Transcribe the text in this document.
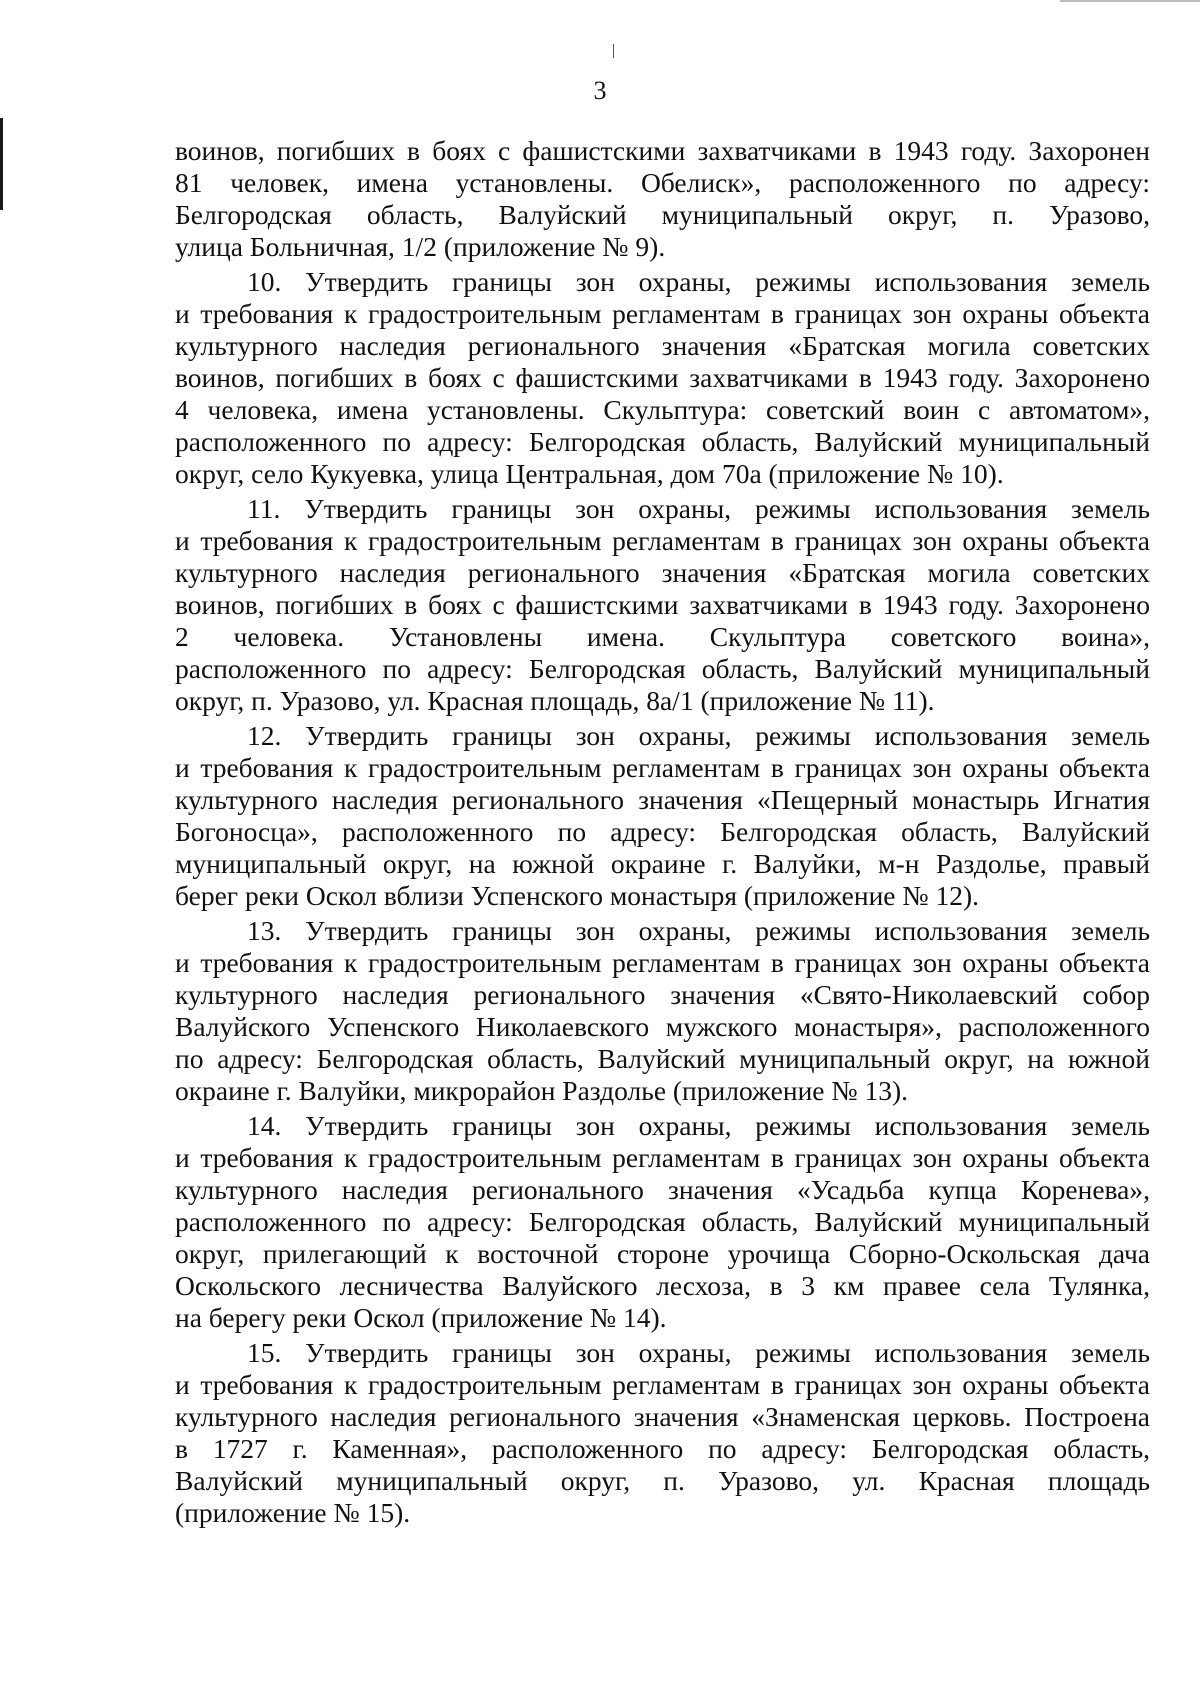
3
воинов, погибших в боях с фашистскими захватчиками в 1943 году. Захоронен
81 человек, имена установлены. Обелиск», расположенного по адресу:
Белгородская область, Валуйский муниципальный округ, п. Уразово,
улица Больничная, 1/2 (приложение № 9).
10. Утвердить границы зон охраны, режимы использования земель
и требования к градостроительным регламентам в границах зон охраны объекта
культурного наследия регионального значения «Братская могила советских
воинов, погибших в боях с фашистскими захватчиками в 1943 году. Захоронено
4 человека, имена установлены. Скульптура: советский воин с автоматом»,
расположенного по адресу: Белгородская область, Валуйский муниципальный
округ, село Кукуевка, улица Центральная, дом 70а (приложение № 10).
11. Утвердить границы зон охраны, режимы использования земель
и требования к градостроительным регламентам в границах зон охраны объекта
культурного наследия регионального значения «Братская могила советских
воинов, погибших в боях с фашистскими захватчиками в 1943 году. Захоронено
2 человека. Установлены имена. Скульптура советского воина»,
расположенного по адресу: Белгородская область, Валуйский муниципальный
округ, п. Уразово, ул. Красная площадь, 8а/1 (приложение № 11).
12. Утвердить границы зон охраны, режимы использования земель
и требования к градостроительным регламентам в границах зон охраны объекта
культурного наследия регионального значения «Пещерный монастырь Игнатия
Богоносца», расположенного по адресу: Белгородская область, Валуйский
муниципальный округ, на южной окраине г. Валуйки, м-н Раздолье, правый
берег реки Оскол вблизи Успенского монастыря (приложение № 12).
13. Утвердить границы зон охраны, режимы использования земель
и требования к градостроительным регламентам в границах зон охраны объекта
культурного наследия регионального значения «Свято-Николаевский собор
Валуйского Успенского Николаевского мужского монастыря», расположенного
по адресу: Белгородская область, Валуйский муниципальный округ, на южной
окраине г. Валуйки, микрорайон Раздолье (приложение № 13).
14. Утвердить границы зон охраны, режимы использования земель
и требования к градостроительным регламентам в границах зон охраны объекта
культурного наследия регионального значения «Усадьба купца Коренева»,
расположенного по адресу: Белгородская область, Валуйский муниципальный
округ, прилегающий к восточной стороне урочища Сборно-Оскольская дача
Оскольского лесничества Валуйского лесхоза, в 3 км правее села Тулянка,
на берегу реки Оскол (приложение № 14).
15. Утвердить границы зон охраны, режимы использования земель
и требования к градостроительным регламентам в границах зон охраны объекта
культурного наследия регионального значения «Знаменская церковь. Построена
в 1727 г. Каменная», расположенного по адресу: Белгородская область,
Валуйский муниципальный округ, п. Уразово, ул. Красная площадь
(приложение № 15).
